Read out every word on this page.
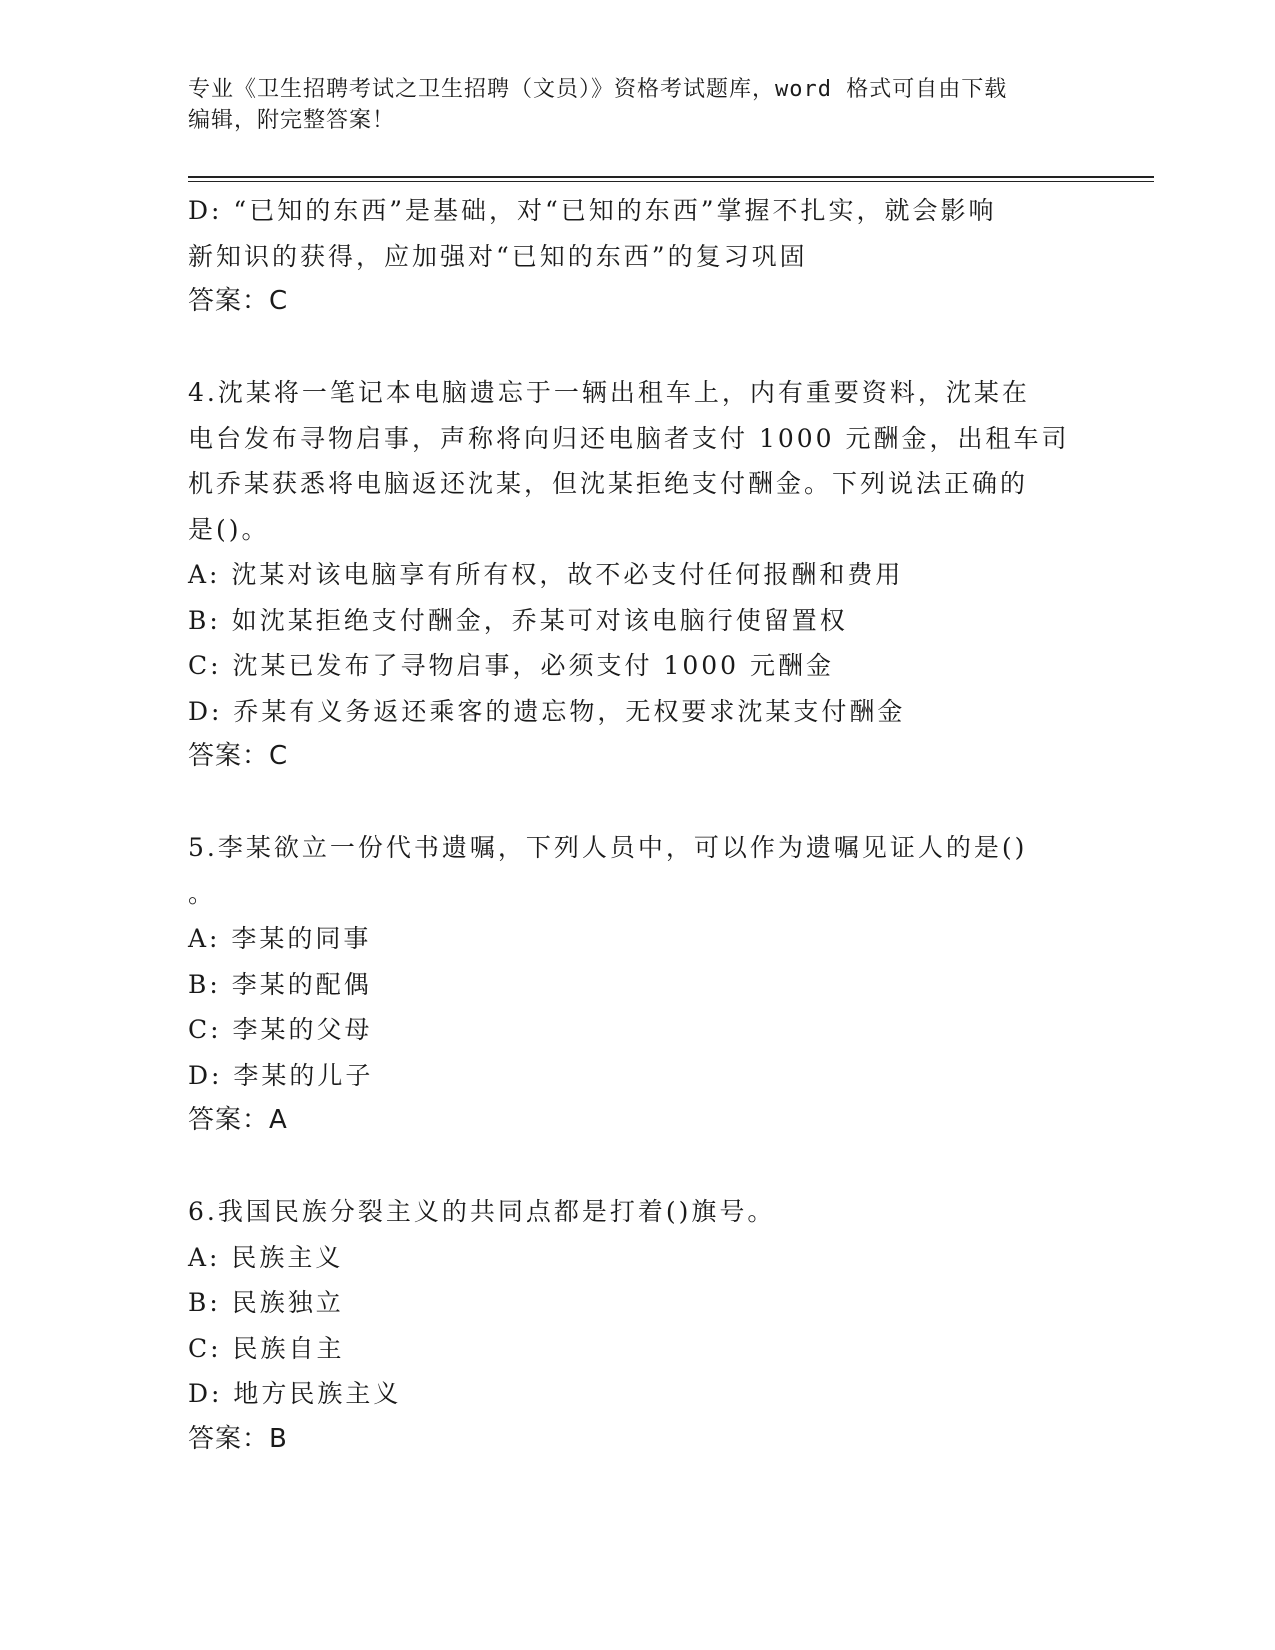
专业《卫生招聘考试之卫生招聘（文员）》资格考试题库，word 格式可自由下载
编辑，附完整答案！
D: “已知的东西”是基础，对“已知的东西”掌握不扎实，就会影响
新知识的获得，应加强对“已知的东西”的复习巩固
答案：C
4.沈某将一笔记本电脑遗忘于一辆出租车上，内有重要资料，沈某在
电台发布寻物启事，声称将向归还电脑者支付 1000 元酬金，出租车司
机乔某获悉将电脑返还沈某，但沈某拒绝支付酬金。下列说法正确的
是()。
A: 沈某对该电脑享有所有权，故不必支付任何报酬和费用
B: 如沈某拒绝支付酬金，乔某可对该电脑行使留置权
C: 沈某已发布了寻物启事，必须支付 1000 元酬金
D: 乔某有义务返还乘客的遗忘物，无权要求沈某支付酬金
答案：C
5.李某欲立一份代书遗嘱，下列人员中，可以作为遗嘱见证人的是()
。
A: 李某的同事
B: 李某的配偶
C: 李某的父母
D: 李某的儿子
答案：A
6.我国民族分裂主义的共同点都是打着()旗号。
A: 民族主义
B: 民族独立
C: 民族自主
D: 地方民族主义
答案：B
